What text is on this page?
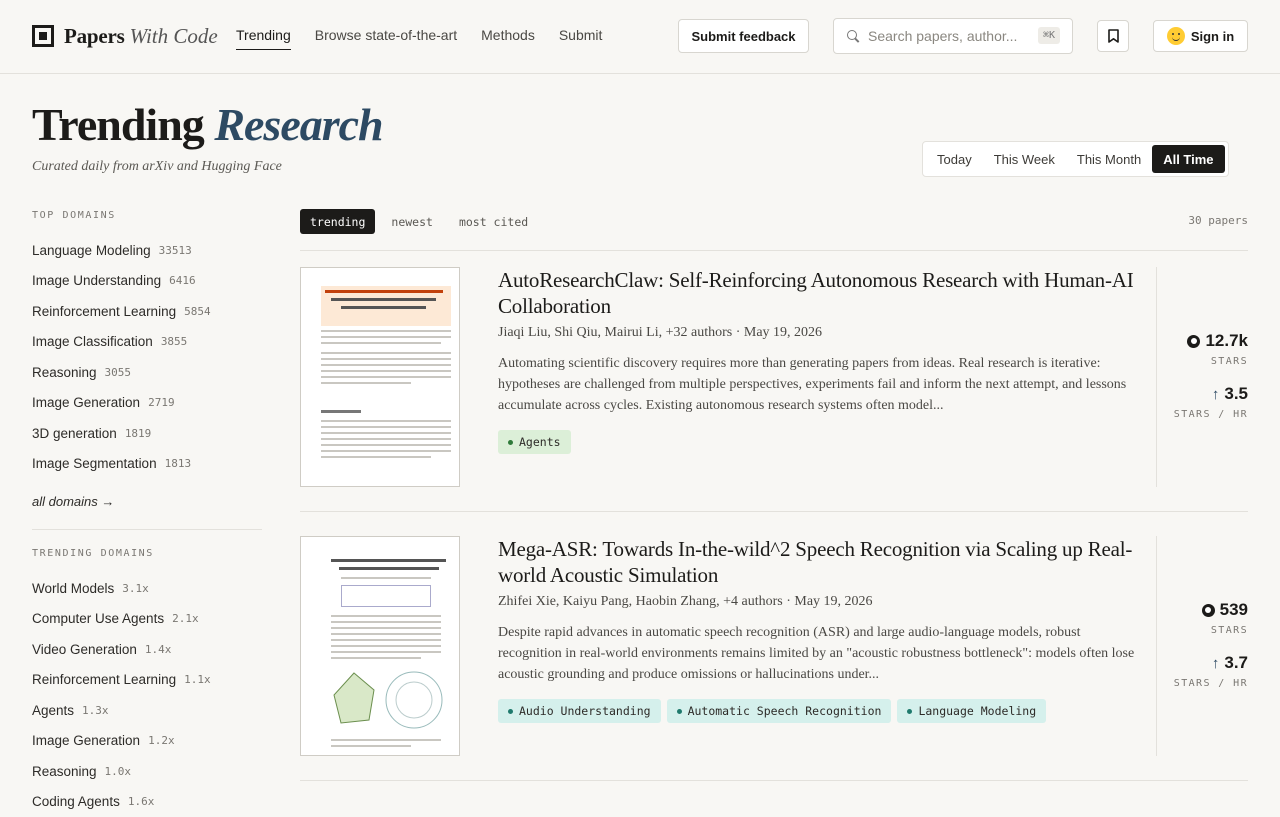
Papers With Code Trending Browse state-of-the-art Methods Submit	Submit feedback
Search papers, author...	⌘K	Sign in
Trending Research

Curated daily from arXiv and Hugging Face	Today	This Week	This Month	All Time
TOP DOMAINS
Language Modeling 33513
Image Understanding 6416
Reinforcement Learning 5854
Image Classification 3855
Reasoning 3055
Image Generation 2719
3D generation 1819
Image Segmentation 1813
all domains →
TRENDING DOMAINS
World Models 3.1x
Computer Use Agents 2.1x
Video Generation 1.4x
Reinforcement Learning 1.1x
Agents 1.3x
Image Generation 1.2x
Reasoning 1.0x
Coding Agents 1.6x
trending	newest	most cited	30 papers
AutoResearchClaw: Self-Reinforcing Autonomous Research with Human-AI Collaboration
Jiaqi Liu, Shi Qiu, Mairui Li, +32 authors · May 19, 2026
Automating scientific discovery requires more than generating papers from ideas. Real research is iterative: hypotheses are challenged from multiple perspectives, experiments fail and inform the next attempt, and lessons accumulate across cycles. Existing autonomous research systems often model...
Agents
12.7k
STARS
↑ 3.5
STARS / HR
Mega-ASR: Towards In-the-wild^2 Speech Recognition via Scaling up Real-world Acoustic Simulation
Zhifei Xie, Kaiyu Pang, Haobin Zhang, +4 authors · May 19, 2026
Despite rapid advances in automatic speech recognition (ASR) and large audio-language models, robust recognition in real-world environments remains limited by an "acoustic robustness bottleneck": models often lose acoustic grounding and produce omissions or hallucinations under...
Audio Understanding	Automatic Speech Recognition	Language Modeling
539
STARS
↑ 3.7
STARS / HR
